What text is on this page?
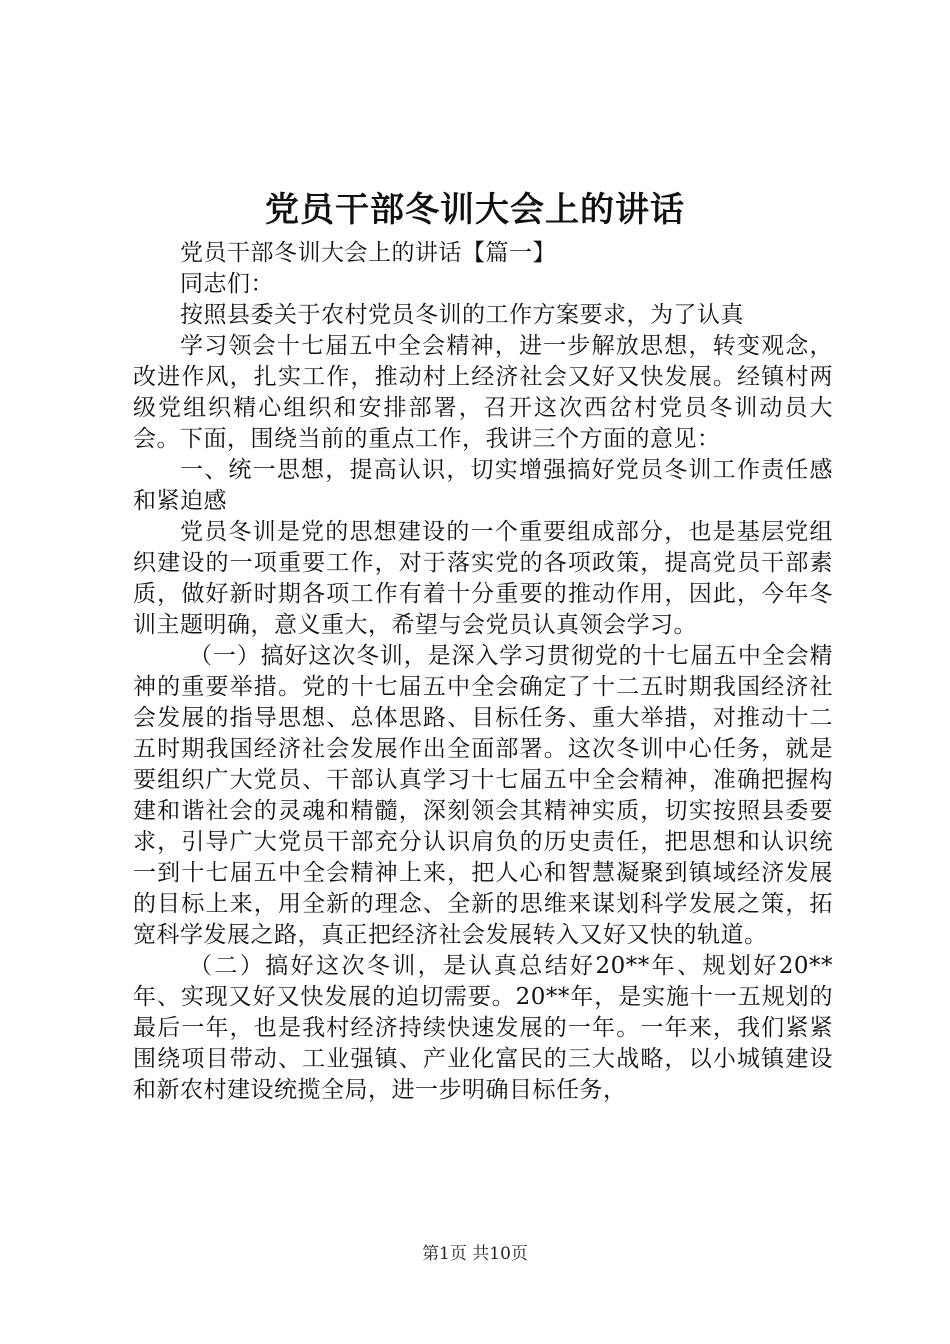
党员干部冬训大会上的讲话

党员干部冬训大会上的讲话【篇一】

同志们：

按照县委关于农村党员冬训的工作方案要求，为了认真

学习领会十七届五中全会精神，进一步解放思想，转变观念，改进作风，扎实工作，推动村上经济社会又好又快发展。经镇村两级党组织精心组织和安排部署，召开这次西岔村党员冬训动员大会。下面，围绕当前的重点工作，我讲三个方面的意见：

一、统一思想，提高认识，切实增强搞好党员冬训工作责任感和紧迫感

党员冬训是党的思想建设的一个重要组成部分，也是基层党组织建设的一项重要工作，对于落实党的各项政策，提高党员干部素质，做好新时期各项工作有着十分重要的推动作用，因此，今年冬训主题明确，意义重大，希望与会党员认真领会学习。

（一）搞好这次冬训，是深入学习贯彻党的十七届五中全会精神的重要举措。党的十七届五中全会确定了十二五时期我国经济社会发展的指导思想、总体思路、目标任务、重大举措，对推动十二五时期我国经济社会发展作出全面部署。这次冬训中心任务，就是要组织广大党员、干部认真学习十七届五中全会精神，准确把握构建和谐社会的灵魂和精髓，深刻领会其精神实质，切实按照县委要求，引导广大党员干部充分认识肩负的历史责任，把思想和认识统一到十七届五中全会精神上来，把人心和智慧凝聚到镇域经济发展的目标上来，用全新的理念、全新的思维来谋划科学发展之策，拓宽科学发展之路，真正把经济社会发展转入又好又快的轨道。

（二）搞好这次冬训，是认真总结好20**年、规划好20**年、实现又好又快发展的迫切需要。20**年，是实施十一五规划的最后一年，也是我村经济持续快速发展的一年。一年来，我们紧紧围绕项目带动、工业强镇、产业化富民的三大战略，以小城镇建设和新农村建设统揽全局，进一步明确目标任务，

第1页 共10页
